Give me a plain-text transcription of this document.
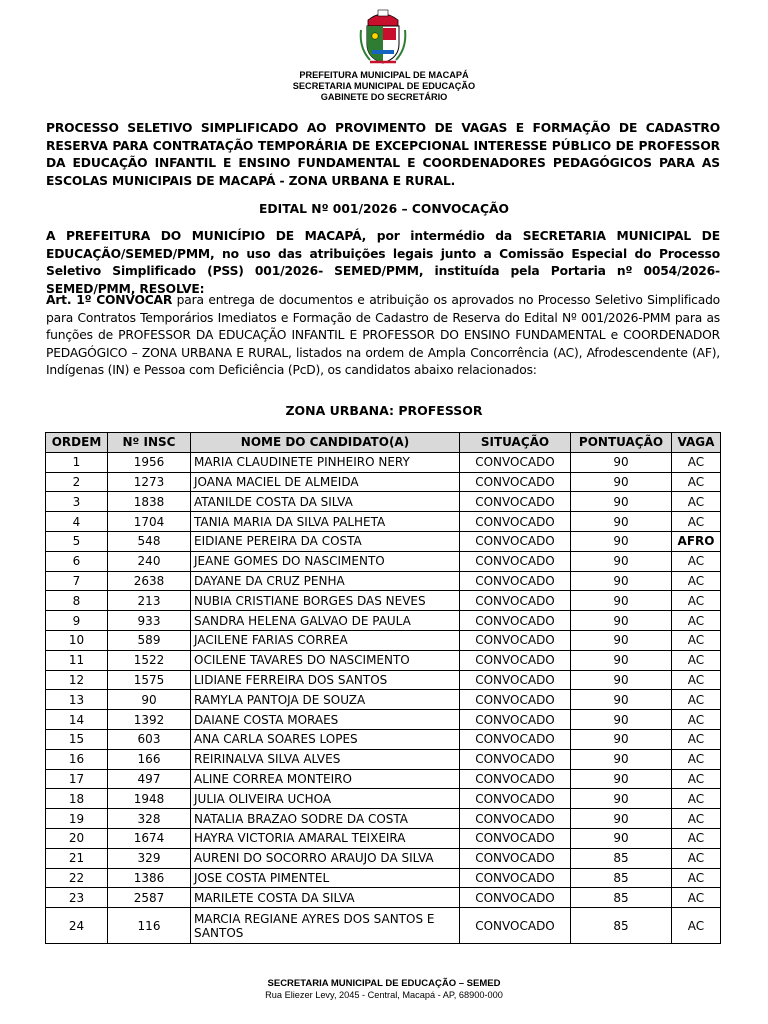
PREFEITURA MUNICIPAL DE MACAPÁ
SECRETARIA MUNICIPAL DE EDUCAÇÃO
GABINETE DO SECRETÁRIO
PROCESSO SELETIVO SIMPLIFICADO AO PROVIMENTO DE VAGAS E FORMAÇÃO DE CADASTRO RESERVA PARA CONTRATAÇÃO TEMPORÁRIA DE EXCEPCIONAL INTERESSE PÚBLICO DE PROFESSOR DA EDUCAÇÃO INFANTIL E ENSINO FUNDAMENTAL E COORDENADORES PEDAGÓGICOS PARA AS ESCOLAS MUNICIPAIS DE MACAPÁ - ZONA URBANA E RURAL.
EDITAL Nº 001/2026 – CONVOCAÇÃO
A PREFEITURA DO MUNICÍPIO DE MACAPÁ, por intermédio da SECRETARIA MUNICIPAL DE EDUCAÇÃO/SEMED/PMM, no uso das atribuições legais junto a Comissão Especial do Processo Seletivo Simplificado (PSS) 001/2026- SEMED/PMM, instituída pela Portaria nº 0054/2026-SEMED/PMM, RESOLVE:
Art. 1º CONVOCAR para entrega de documentos e atribuição os aprovados no Processo Seletivo Simplificado para Contratos Temporários Imediatos e Formação de Cadastro de Reserva do Edital Nº 001/2026-PMM para as funções de PROFESSOR DA EDUCAÇÃO INFANTIL E PROFESSOR DO ENSINO FUNDAMENTAL e COORDENADOR PEDAGÓGICO – ZONA URBANA E RURAL, listados na ordem de Ampla Concorrência (AC), Afrodescendente (AF), Indígenas (IN) e Pessoa com Deficiência (PcD), os candidatos abaixo relacionados:
ZONA URBANA: PROFESSOR
ORDEM	Nº INSC	NOME DO CANDIDATO(A)	SITUAÇÃO	PONTUAÇÃO	VAGA
1	1956	MARIA CLAUDINETE PINHEIRO NERY	CONVOCADO	90	AC
2	1273	JOANA MACIEL DE ALMEIDA	CONVOCADO	90	AC
3	1838	ATANILDE COSTA DA SILVA	CONVOCADO	90	AC
4	1704	TANIA MARIA DA SILVA PALHETA	CONVOCADO	90	AC
5	548	EIDIANE PEREIRA DA COSTA	CONVOCADO	90	AFRO
6	240	JEANE GOMES DO NASCIMENTO	CONVOCADO	90	AC
7	2638	DAYANE DA CRUZ PENHA	CONVOCADO	90	AC
8	213	NUBIA CRISTIANE BORGES DAS NEVES	CONVOCADO	90	AC
9	933	SANDRA HELENA GALVAO DE PAULA	CONVOCADO	90	AC
10	589	JACILENE FARIAS CORREA	CONVOCADO	90	AC
11	1522	OCILENE TAVARES DO NASCIMENTO	CONVOCADO	90	AC
12	1575	LIDIANE FERREIRA DOS SANTOS	CONVOCADO	90	AC
13	90	RAMYLA PANTOJA DE SOUZA	CONVOCADO	90	AC
14	1392	DAIANE COSTA MORAES	CONVOCADO	90	AC
15	603	ANA CARLA SOARES LOPES	CONVOCADO	90	AC
16	166	REIRINALVA SILVA ALVES	CONVOCADO	90	AC
17	497	ALINE CORREA MONTEIRO	CONVOCADO	90	AC
18	1948	JULIA OLIVEIRA UCHOA	CONVOCADO	90	AC
19	328	NATALIA BRAZAO SODRE DA COSTA	CONVOCADO	90	AC
20	1674	HAYRA VICTORIA AMARAL TEIXEIRA	CONVOCADO	90	AC
21	329	AURENI DO SOCORRO ARAUJO DA SILVA	CONVOCADO	85	AC
22	1386	JOSE COSTA PIMENTEL	CONVOCADO	85	AC
23	2587	MARILETE COSTA DA SILVA	CONVOCADO	85	AC
24	116	MARCIA REGIANE AYRES DOS SANTOS E SANTOS	CONVOCADO	85	AC
SECRETARIA MUNICIPAL DE EDUCAÇÃO – SEMED
Rua Eliezer Levy, 2045 - Central, Macapá - AP, 68900-000
